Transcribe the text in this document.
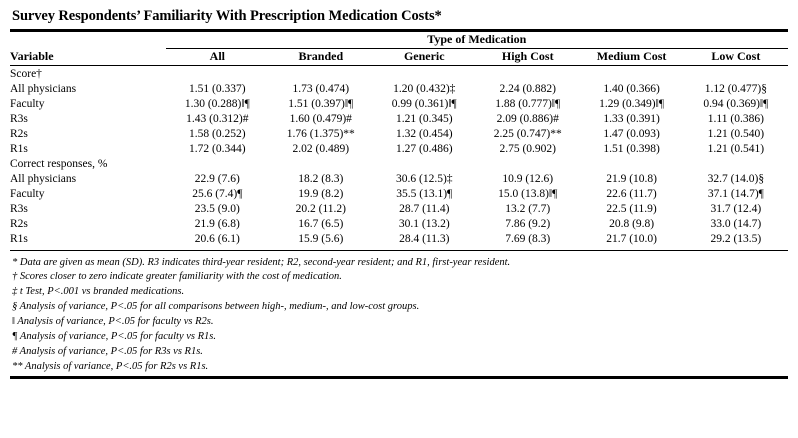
Survey Respondents’ Familiarity With Prescription Medication Costs*
	Type of Medication					

Variable	All	Branded	Generic	High Cost	Medium Cost	Low Cost

Score†						
All physicians	1.51 (0.337)	1.73 (0.474)	1.20 (0.432)‡	2.24 (0.882)	1.40 (0.366)	1.12 (0.477)§
Faculty	1.30 (0.288)‖¶	1.51 (0.397)‖¶	0.99 (0.361)‖¶	1.88 (0.777)‖¶	1.29 (0.349)‖¶	0.94 (0.369)‖¶
R3s	1.43 (0.312)#	1.60 (0.479)#	1.21 (0.345)	2.09 (0.886)#	1.33 (0.391)	1.11 (0.386)
R2s	1.58 (0.252)	1.76 (1.375)**	1.32 (0.454)	2.25 (0.747)**	1.47 (0.093)	1.21 (0.540)
R1s	1.72 (0.344)	2.02 (0.489)	1.27 (0.486)	2.75 (0.902)	1.51 (0.398)	1.21 (0.541)
Correct responses, %						
All physicians	22.9 (7.6)	18.2 (8.3)	30.6 (12.5)‡	10.9 (12.6)	21.9 (10.8)	32.7 (14.0)§
Faculty	25.6 (7.4)¶	19.9 (8.2)	35.5 (13.1)¶	15.0 (13.8)‖¶	22.6 (11.7)	37.1 (14.7)¶
R3s	23.5 (9.0)	20.2 (11.2)	28.7 (11.4)	13.2 (7.7)	22.5 (11.9)	31.7 (12.4)
R2s	21.9 (6.8)	16.7 (6.5)	30.1 (13.2)	7.86 (9.2)	20.8 (9.8)	33.0 (14.7)
R1s	20.6 (6.1)	15.9 (5.6)	28.4 (11.3)	7.69 (8.3)	21.7 (10.0)	29.2 (13.5)
* Data are given as mean (SD). R3 indicates third-year resident; R2, second-year resident; and R1, first-year resident.
† Scores closer to zero indicate greater familiarity with the cost of medication.
‡ t Test, P<.001 vs branded medications.
§ Analysis of variance, P<.05 for all comparisons between high-, medium-, and low-cost groups.
‖ Analysis of variance, P<.05 for faculty vs R2s.
¶ Analysis of variance, P<.05 for faculty vs R1s.
# Analysis of variance, P<.05 for R3s vs R1s.
** Analysis of variance, P<.05 for R2s vs R1s.
